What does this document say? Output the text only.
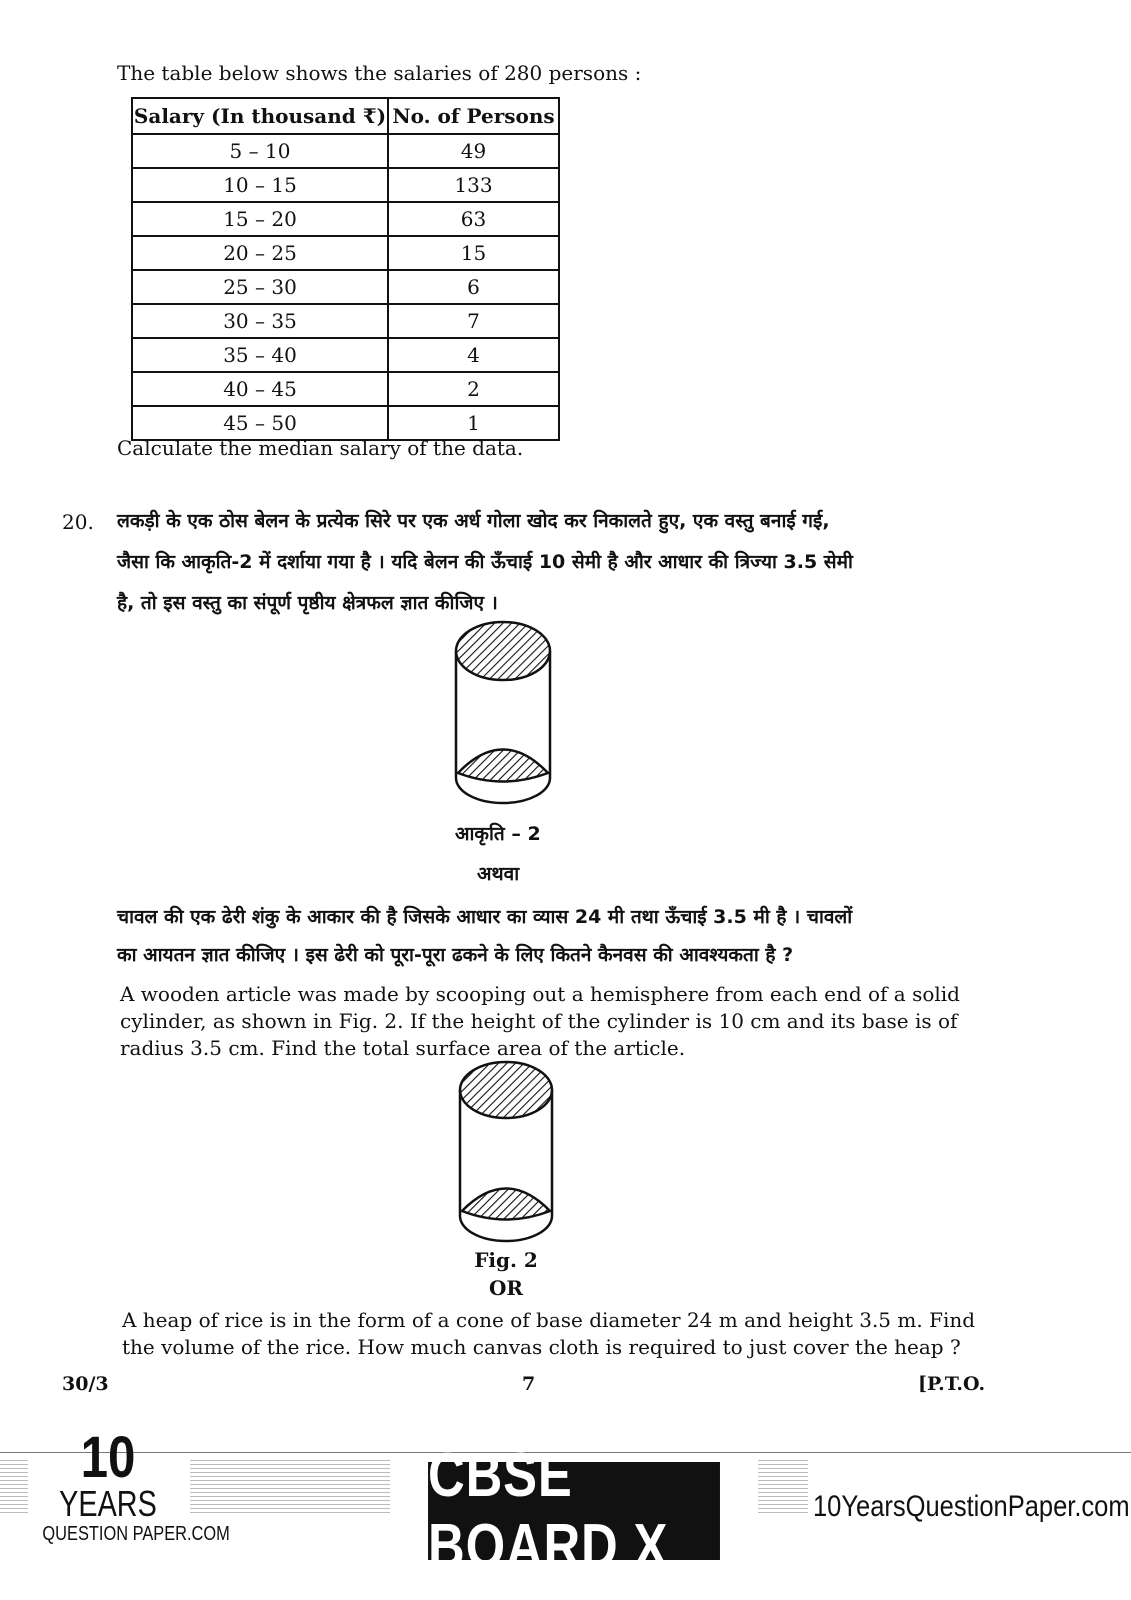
The table below shows the salaries of 280 persons :
Salary (In thousand ₹)	No. of Persons
5 – 10	49
10 – 15	133
15 – 20	63
20 – 25	15
25 – 30	6
30 – 35	7
35 – 40	4
40 – 45	2
45 – 50	1
Calculate the median salary of the data.
20. लकड़ी के एक ठोस बेलन के प्रत्येक सिरे पर एक अर्ध गोला खोद कर निकालते हुए, एक वस्तु बनाई गई,
जैसा कि आकृति-2 में दर्शाया गया है । यदि बेलन की ऊँचाई 10 सेमी है और आधार की त्रिज्या 3.5 सेमी
है, तो इस वस्तु का संपूर्ण पृष्ठीय क्षेत्रफल ज्ञात कीजिए ।
आकृति – 2
अथवा
चावल की एक ढेरी शंकु के आकार की है जिसके आधार का व्यास 24 मी तथा ऊँचाई 3.5 मी है । चावलों
का आयतन ज्ञात कीजिए । इस ढेरी को पूरा-पूरा ढकने के लिए कितने कैनवस की आवश्यकता है ?
A wooden article was made by scooping out a hemisphere from each end of a solid
cylinder, as shown in Fig. 2. If the height of the cylinder is 10 cm and its base is of
radius 3.5 cm. Find the total surface area of the article.
Fig. 2
OR
A heap of rice is in the form of a cone of base diameter 24 m and height 3.5 m. Find
the volume of the rice. How much canvas cloth is required to just cover the heap ?
30/3	7	[P.T.O.
10
YEARS
QUESTION PAPER.COM
CBSE BOARD X
10YearsQuestionPaper.com
